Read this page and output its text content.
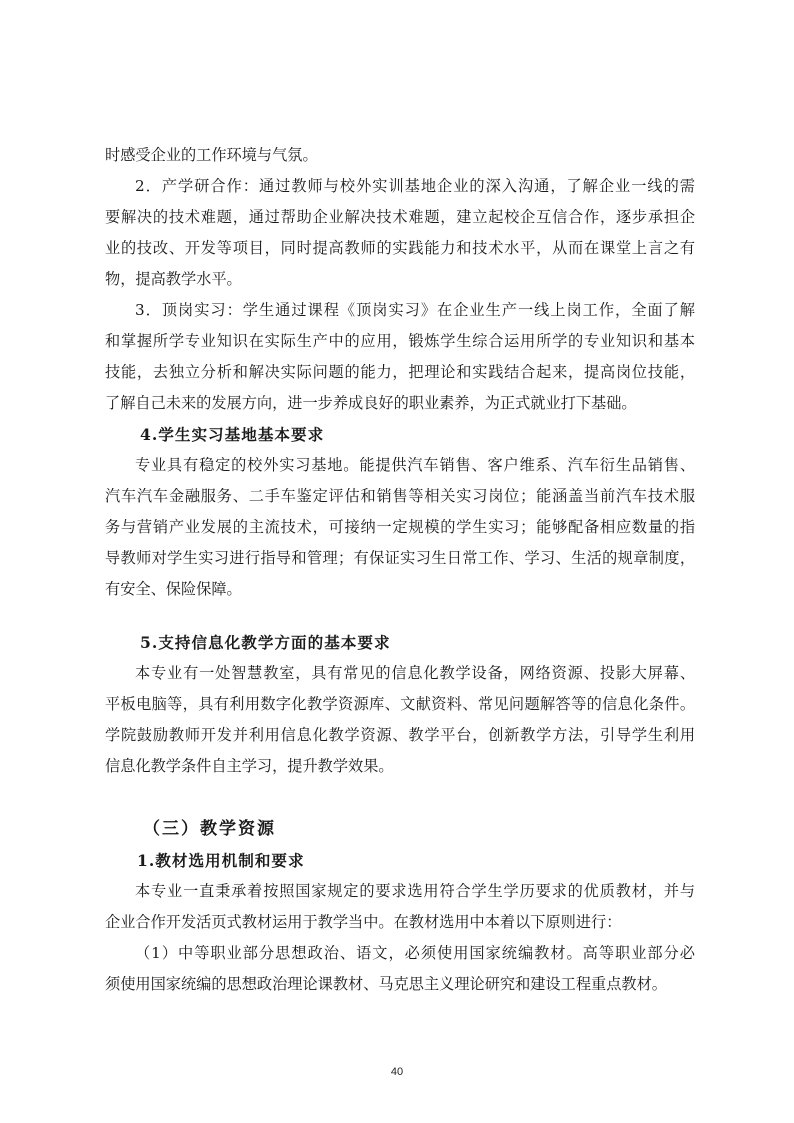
时感受企业的工作环境与气氛。
2．产学研合作：通过教师与校外实训基地企业的深入沟通，了解企业一线的需
要解决的技术难题，通过帮助企业解决技术难题，建立起校企互信合作，逐步承担企
业的技改、开发等项目，同时提高教师的实践能力和技术水平，从而在课堂上言之有
物，提高教学水平。
3．顶岗实习：学生通过课程《顶岗实习》在企业生产一线上岗工作，全面了解
和掌握所学专业知识在实际生产中的应用，锻炼学生综合运用所学的专业知识和基本
技能，去独立分析和解决实际问题的能力，把理论和实践结合起来，提高岗位技能，
了解自己未来的发展方向，进一步养成良好的职业素养，为正式就业打下基础。
4.学生实习基地基本要求
专业具有稳定的校外实习基地。能提供汽车销售、客户维系、汽车衍生品销售、
汽车汽车金融服务、二手车鉴定评估和销售等相关实习岗位；能涵盖当前汽车技术服
务与营销产业发展的主流技术，可接纳一定规模的学生实习；能够配备相应数量的指
导教师对学生实习进行指导和管理；有保证实习生日常工作、学习、生活的规章制度，
有安全、保险保障。
5.支持信息化教学方面的基本要求
本专业有一处智慧教室，具有常见的信息化教学设备，网络资源、投影大屏幕、
平板电脑等，具有利用数字化教学资源库、文献资料、常见问题解答等的信息化条件。
学院鼓励教师开发并利用信息化教学资源、教学平台，创新教学方法，引导学生利用
信息化教学条件自主学习，提升教学效果。
（三）教学资源
1.教材选用机制和要求
本专业一直秉承着按照国家规定的要求选用符合学生学历要求的优质教材，并与
企业合作开发活页式教材运用于教学当中。在教材选用中本着以下原则进行：
（1）中等职业部分思想政治、语文，必须使用国家统编教材。高等职业部分必
须使用国家统编的思想政治理论课教材、马克思主义理论研究和建设工程重点教材。
40
